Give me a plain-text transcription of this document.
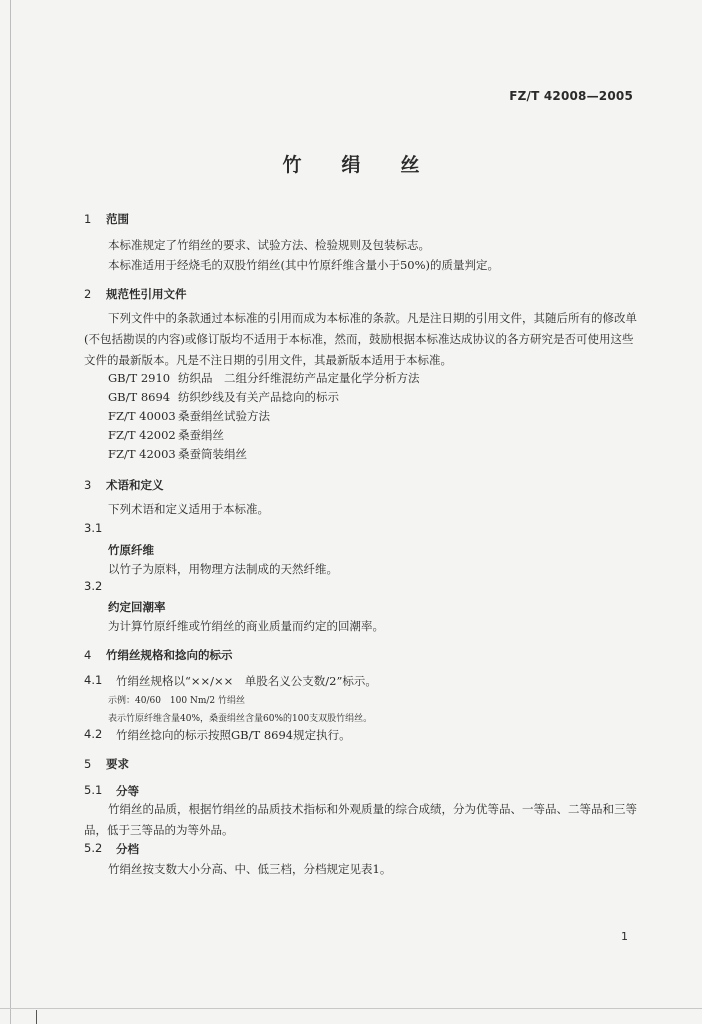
FZ/T 42008—2005
竹绢丝
1 范围
本标准规定了竹绢丝的要求、试验方法、检验规则及包装标志。
本标准适用于经烧毛的双股竹绢丝(其中竹原纤维含量小于50%)的质量判定。
2 规范性引用文件
下列文件中的条款通过本标准的引用而成为本标准的条款。凡是注日期的引用文件，其随后所有的修改单(不包括勘误的内容)或修订版均不适用于本标准，然而，鼓励根据本标准达成协议的各方研究是否可使用这些文件的最新版本。凡是不注日期的引用文件，其最新版本适用于本标准。
GB/T 2910 纺织品　二组分纤维混纺产品定量化学分析方法
GB/T 8694 纺织纱线及有关产品捻向的标示
FZ/T 40003 桑蚕绢丝试验方法
FZ/T 42002 桑蚕绢丝
FZ/T 42003 桑蚕筒装绢丝
3 术语和定义
下列术语和定义适用于本标准。
3.1
竹原纤维
以竹子为原料，用物理方法制成的天然纤维。
3.2
约定回潮率
为计算竹原纤维或竹绢丝的商业质量而约定的回潮率。
4 竹绢丝规格和捻向的标示
4.1 竹绢丝规格以“××/××　单股名义公支数/2”标示。
示例：40/60　100 Nm/2 竹绢丝
表示竹原纤维含量40%，桑蚕绢丝含量60%的100支双股竹绢丝。
4.2 竹绢丝捻向的标示按照GB/T 8694规定执行。
5 要求
5.1 分等
竹绢丝的品质，根据竹绢丝的品质技术指标和外观质量的综合成绩，分为优等品、一等品、二等品和三等品，低于三等品的为等外品。
5.2 分档
竹绢丝按支数大小分高、中、低三档，分档规定见表1。
1
